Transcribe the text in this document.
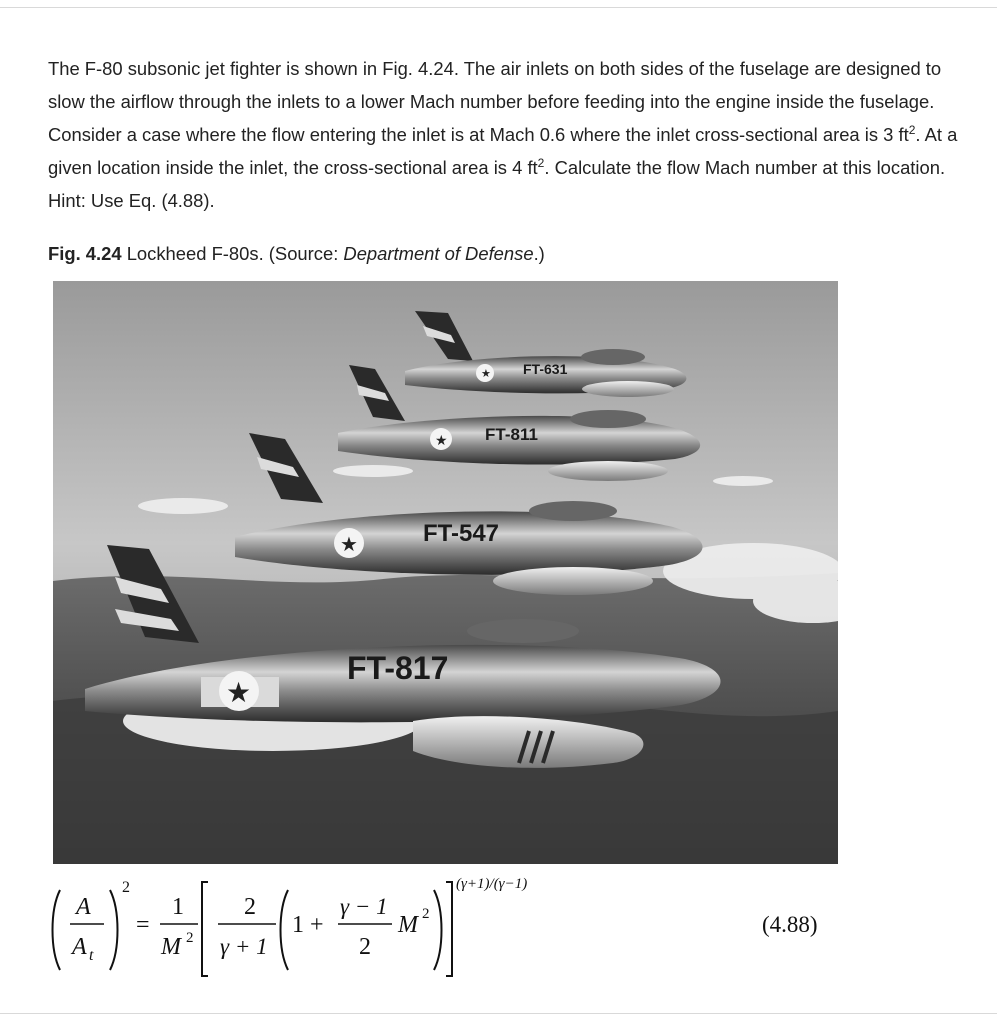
The F-80 subsonic jet fighter is shown in Fig. 4.24. The air inlets on both sides of the fuselage are designed to slow the airflow through the inlets to a lower Mach number before feeding into the engine inside the fuselage. Consider a case where the flow entering the inlet is at Mach 0.6 where the inlet cross-sectional area is 3 $ft^2$. At a given location inside the inlet, the cross-sectional area is 4 $ft^2$. Calculate the flow Mach number at this location. Hint: Use Eq. (4.88).

Fig. 4.24 Lockheed F-80s. (Source: Department of Defense.)

★ FT-631
★ FT-811
★	FT-547
★
FT-817
A
A t
2
=
1
M 2
2
γ + 1
1 +
γ − 1
2
M 2
(γ+1)/(γ−1)
(4.88)
